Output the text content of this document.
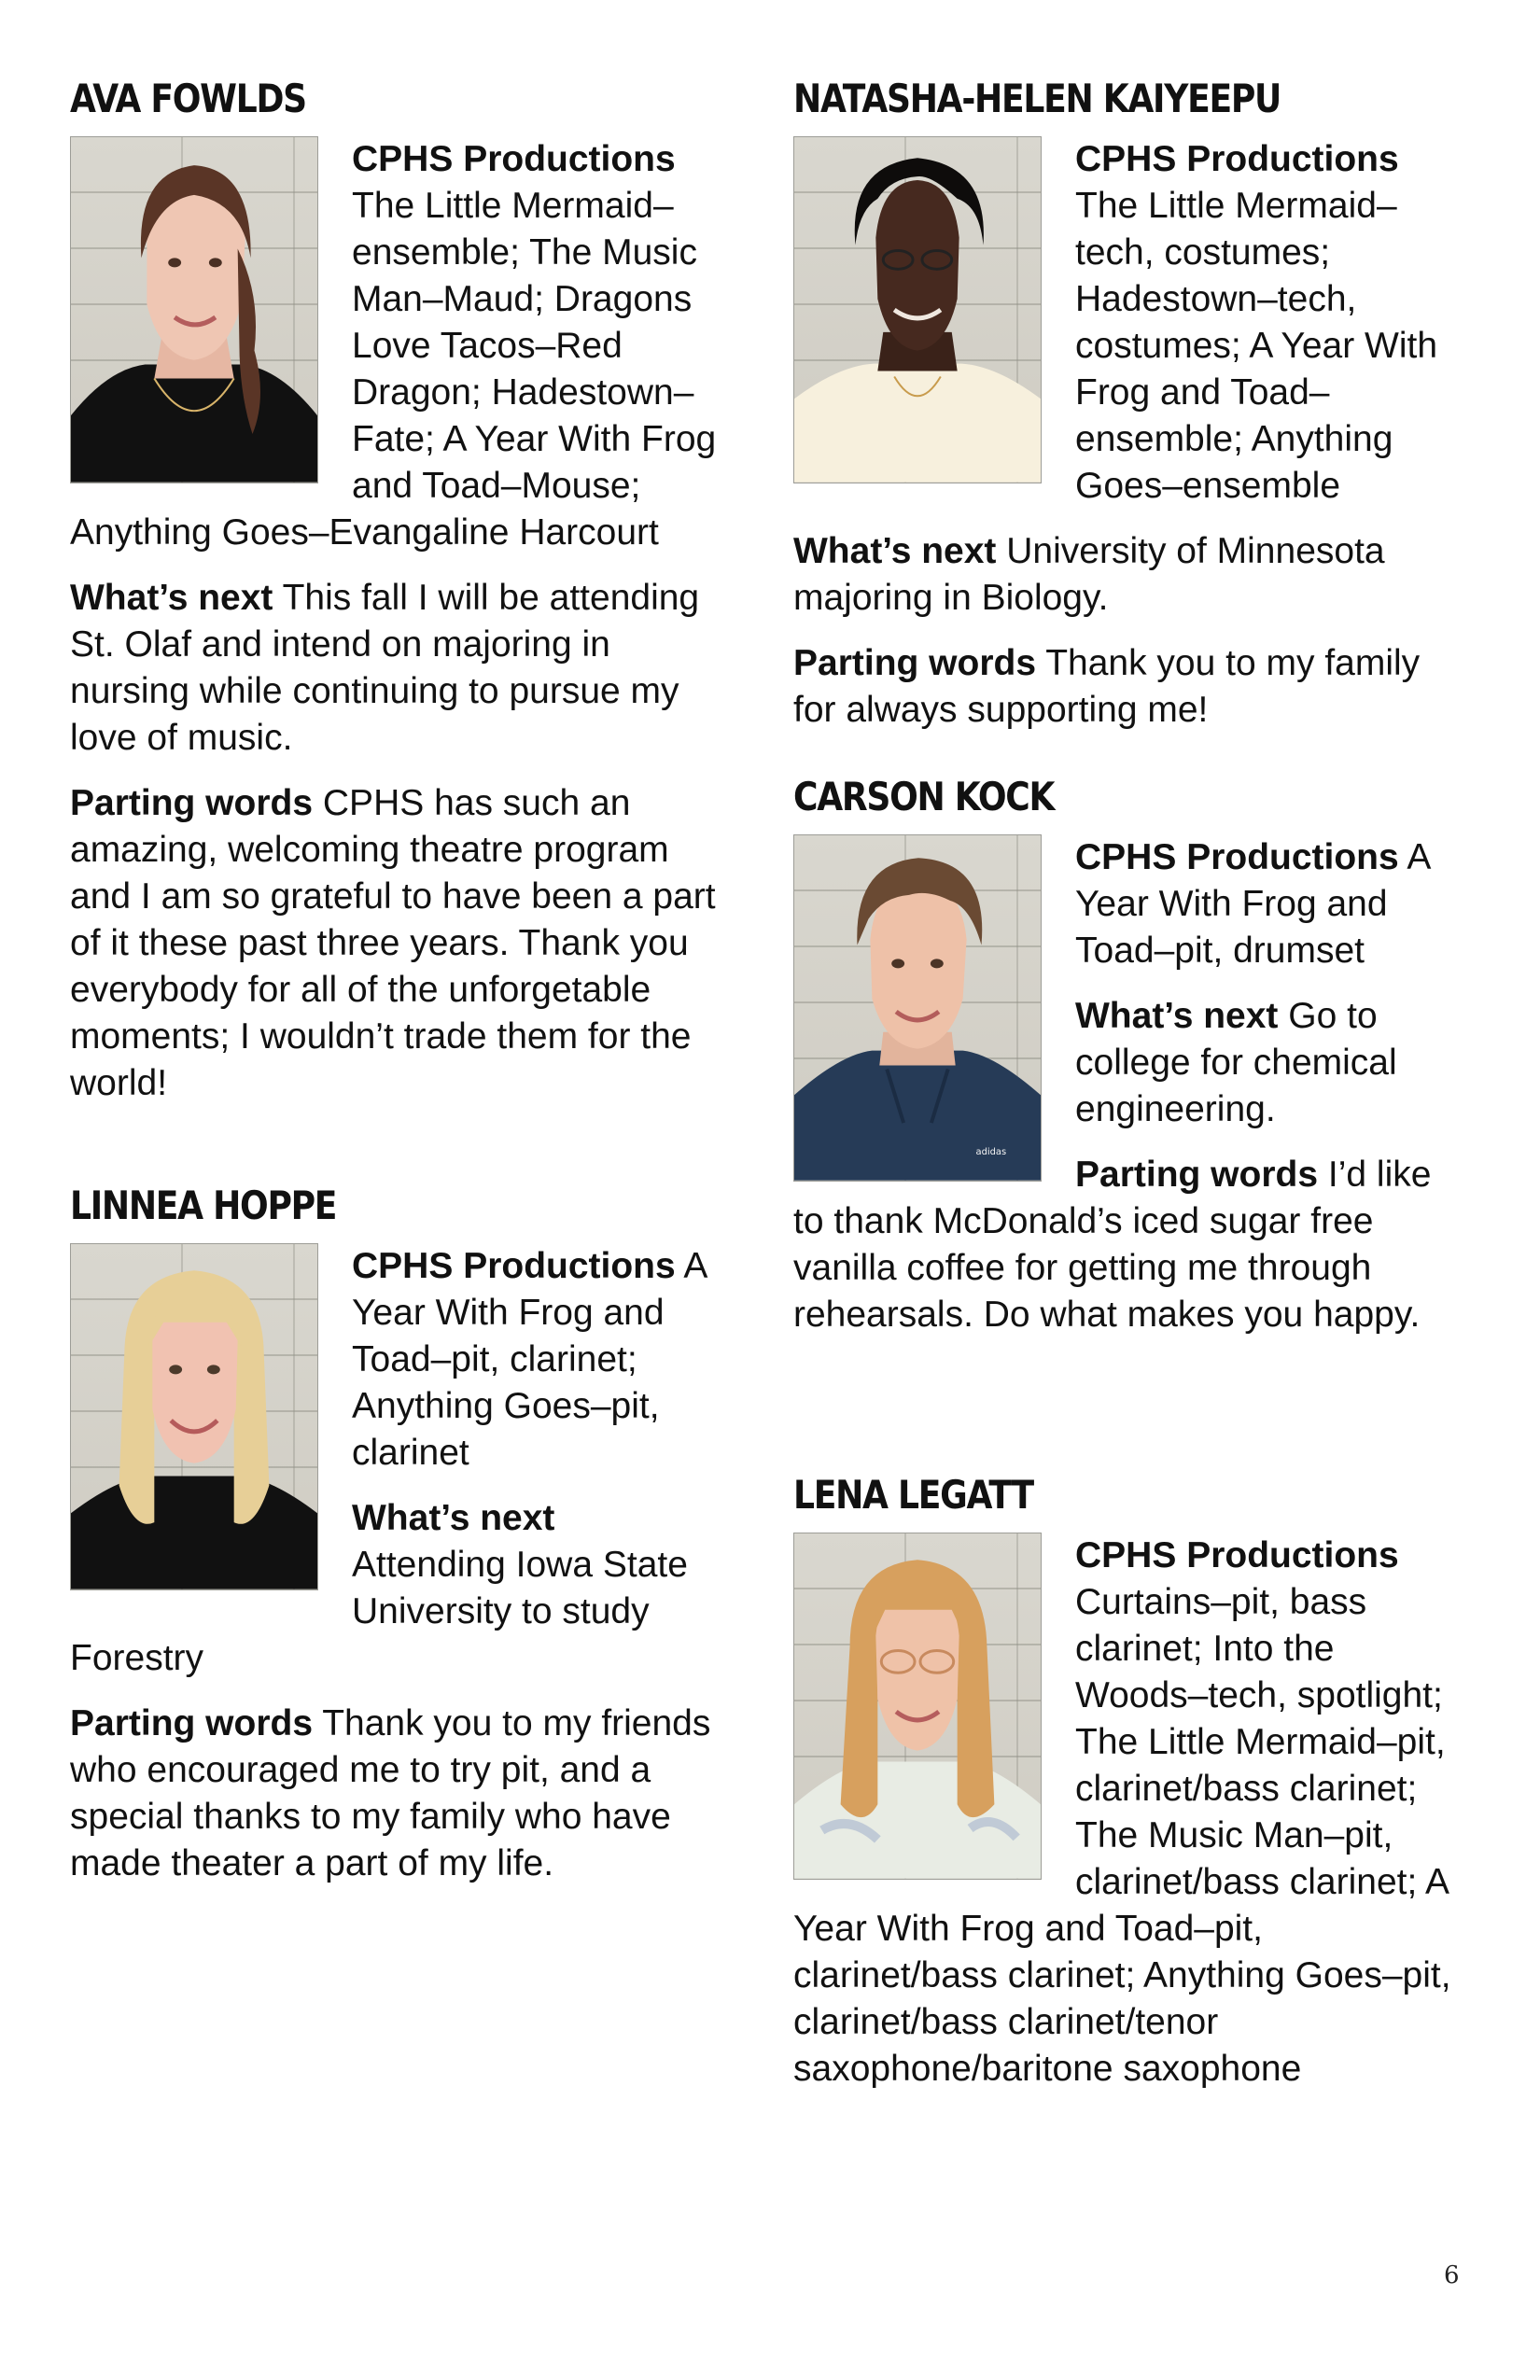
AVA FOWLDS

CPHS Productions
The Little Mermaid–ensemble; The Music Man–Maud; Dragons Love Tacos–Red Dragon; Hadestown–Fate; A Year With Frog and Toad–Mouse; Anything Goes–Evangaline Harcourt

What’s next This fall I will be attending St. Olaf and intend on majoring in nursing while continuing to pursue my love of music.

Parting words CPHS has such an amazing, welcoming theatre program and I am so grateful to have been a part of it these past three years. Thank you everybody for all of the unforgetable moments; I wouldn’t trade them for the world!

LINNEA HOPPE

CPHS Productions A Year With Frog and Toad–pit, clarinet; Anything Goes–pit, clarinet

What’s next
Attending Iowa State University to study Forestry

Parting words Thank you to my friends who encouraged me to try pit, and a special thanks to my family who have made theater a part of my life.

NATASHA-HELEN KAIYEEPU

CPHS Productions
The Little Mermaid–tech, costumes; Hadestown–tech, costumes; A Year With Frog and Toad–ensemble; Anything Goes–ensemble

What’s next University of Minnesota majoring in Biology.

Parting words Thank you to my family for always supporting me!

CARSON KOCK
adidas

CPHS Productions A Year With Frog and Toad–pit, drumset

What’s next Go to college for chemical engineering.

Parting words I’d like to thank McDonald’s iced sugar free vanilla coffee for getting me through rehearsals. Do what makes you happy.

LENA LEGATT

CPHS Productions
Curtains–pit, bass clarinet; Into the Woods–tech, spotlight; The Little Mermaid–pit, clarinet/bass clarinet; The Music Man–pit, clarinet/bass clarinet; A Year With Frog and Toad–pit, clarinet/bass clarinet; Anything Goes–pit, clarinet/bass clarinet/tenor saxophone/baritone saxophone

6
